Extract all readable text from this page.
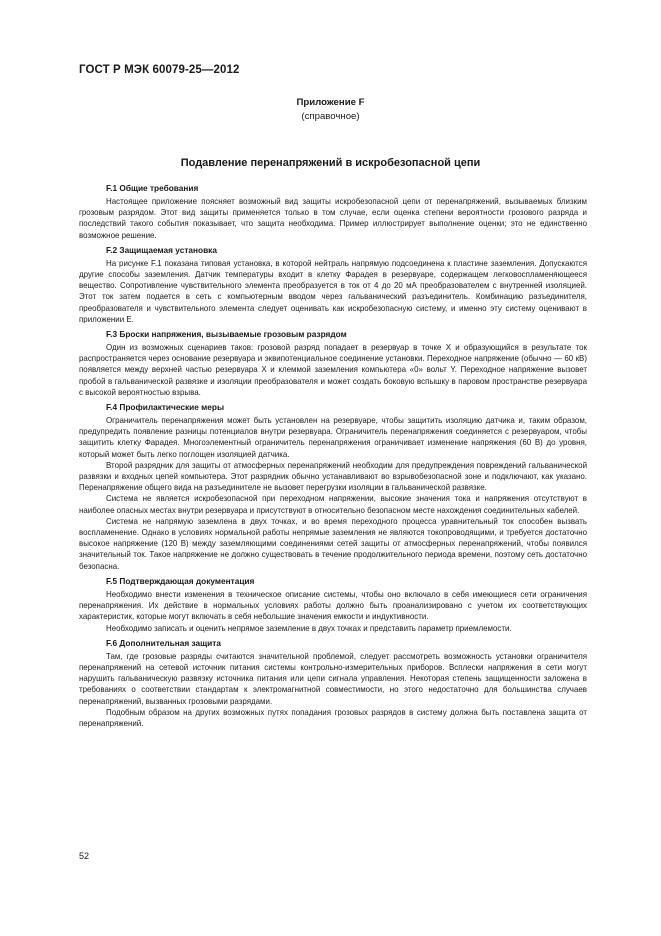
ГОСТ Р МЭК 60079-25—2012
Приложение F
(справочное)
Подавление перенапряжений в искробезопасной цепи

F.1 Общие требования

Настоящее приложение поясняет возможный вид защиты искробезопасной цепи от перенапряжений, вызываемых близким грозовым разрядом. Этот вид защиты применяется только в том случае, если оценка степени вероятности грозового разряда и последствий такого события показывает, что защита необходима. Пример иллюстрирует выполнение оценки; это не единственно возможное решение.

F.2 Защищаемая установка

На рисунке F.1 показана типовая установка, в которой нейтраль напрямую подсоединена к пластине заземления. Допускаются другие способы заземления. Датчик температуры входит в клетку Фарадея в резервуаре, содержащем легковоспламеняющееся вещество. Сопротивление чувствительного элемента преобразуется в ток от 4 до 20 мА преобразователем с внутренней изоляцией. Этот ток затем подается в сеть с компьютерным вводом через гальванический разъединитель. Комбинацию разъединителя, преобразователя и чувствительного элемента следует оценивать как искробезопасную систему, и именно эту систему оценивают в приложении Е.

F.3 Броски напряжения, вызываемые грозовым разрядом

Один из возможных сценариев таков: грозовой разряд попадает в резервуар в точке X и образующийся в результате ток распространяется через основание резервуара и эквипотенциальное соединение установки. Переходное напряжение (обычно — 60 кВ) появляется между верхней частью резервуара X и клеммой заземления компьютера «0» вольт Y. Переходное напряжение вызовет пробой в гальванической развязке и изоляции преобразователя и может создать боковую вспышку в паровом пространстве резервуара с высокой вероятностью взрыва.

F.4 Профилактические меры

Ограничитель перенапряжения может быть установлен на резервуаре, чтобы защитить изоляцию датчика и, таким образом, предупредить появление разницы потенциалов внутри резервуара. Ограничитель перенапряжения соединяется с резервуаром, чтобы защитить клетку Фарадея. Многоэлементный ограничитель перенапряжения ограничивает изменение напряжения (60 В) до уровня, который может быть легко поглощен изоляцией датчика.

Второй разрядник для защиты от атмосферных перенапряжений необходим для предупреждения повреждений гальванической развязки и входных цепей компьютера. Этот разрядник обычно устанавливают во взрывобезопасной зоне и подключают, как указано. Перенапряжение общего вида на разъединителе не вызовет перегрузки изоляции в гальванической развязке.

Система не является искробезопасной при переходном напряжении, высокие значения тока и напряжения отсутствуют в наиболее опасных местах внутри резервуара и присутствуют в относительно безопасном месте нахождения соединительных кабелей.

Система не напрямую заземлена в двух точках, и во время переходного процесса уравнительный ток способен вызвать воспламенение. Однако в условиях нормальной работы непрямые заземления не являются токопроводящими, и требуется достаточно высокое напряжение (120 В) между заземляющими соединениями сетей защиты от атмосферных перенапряжений, чтобы появился значительный ток. Такое напряжение не должно существовать в течение продолжительного периода времени, поэтому сеть достаточно безопасна.

F.5 Подтверждающая документация

Необходимо внести изменения в техническое описание системы, чтобы оно включало в себя имеющиеся сети ограничения перенапряжения. Их действие в нормальных условиях работы должно быть проанализировано с учетом их соответствующих характеристик, которые могут включать в себя небольшие значения емкости и индуктивности.

Необходимо записать и оценить непрямое заземление в двух точках и представить параметр приемлемости.

F.6 Дополнительная защита

Там, где грозовые разряды считаются значительной проблемой, следует рассмотреть возможность установки ограничителя перенапряжений на сетевой источник питания системы контрольно-измерительных приборов. Всплески напряжения в сети могут нарушить гальваническую развязку источника питания или цепи сигнала управления. Некоторая степень защищенности заложена в требованиях о соответствии стандартам к электромагнитной совместимости, но этого недостаточно для большинства случаев перенапряжений, вызванных грозовыми разрядами.

Подобным образом на других возможных путях попадания грозовых разрядов в систему должна быть поставлена защита от перенапряжений.

52
